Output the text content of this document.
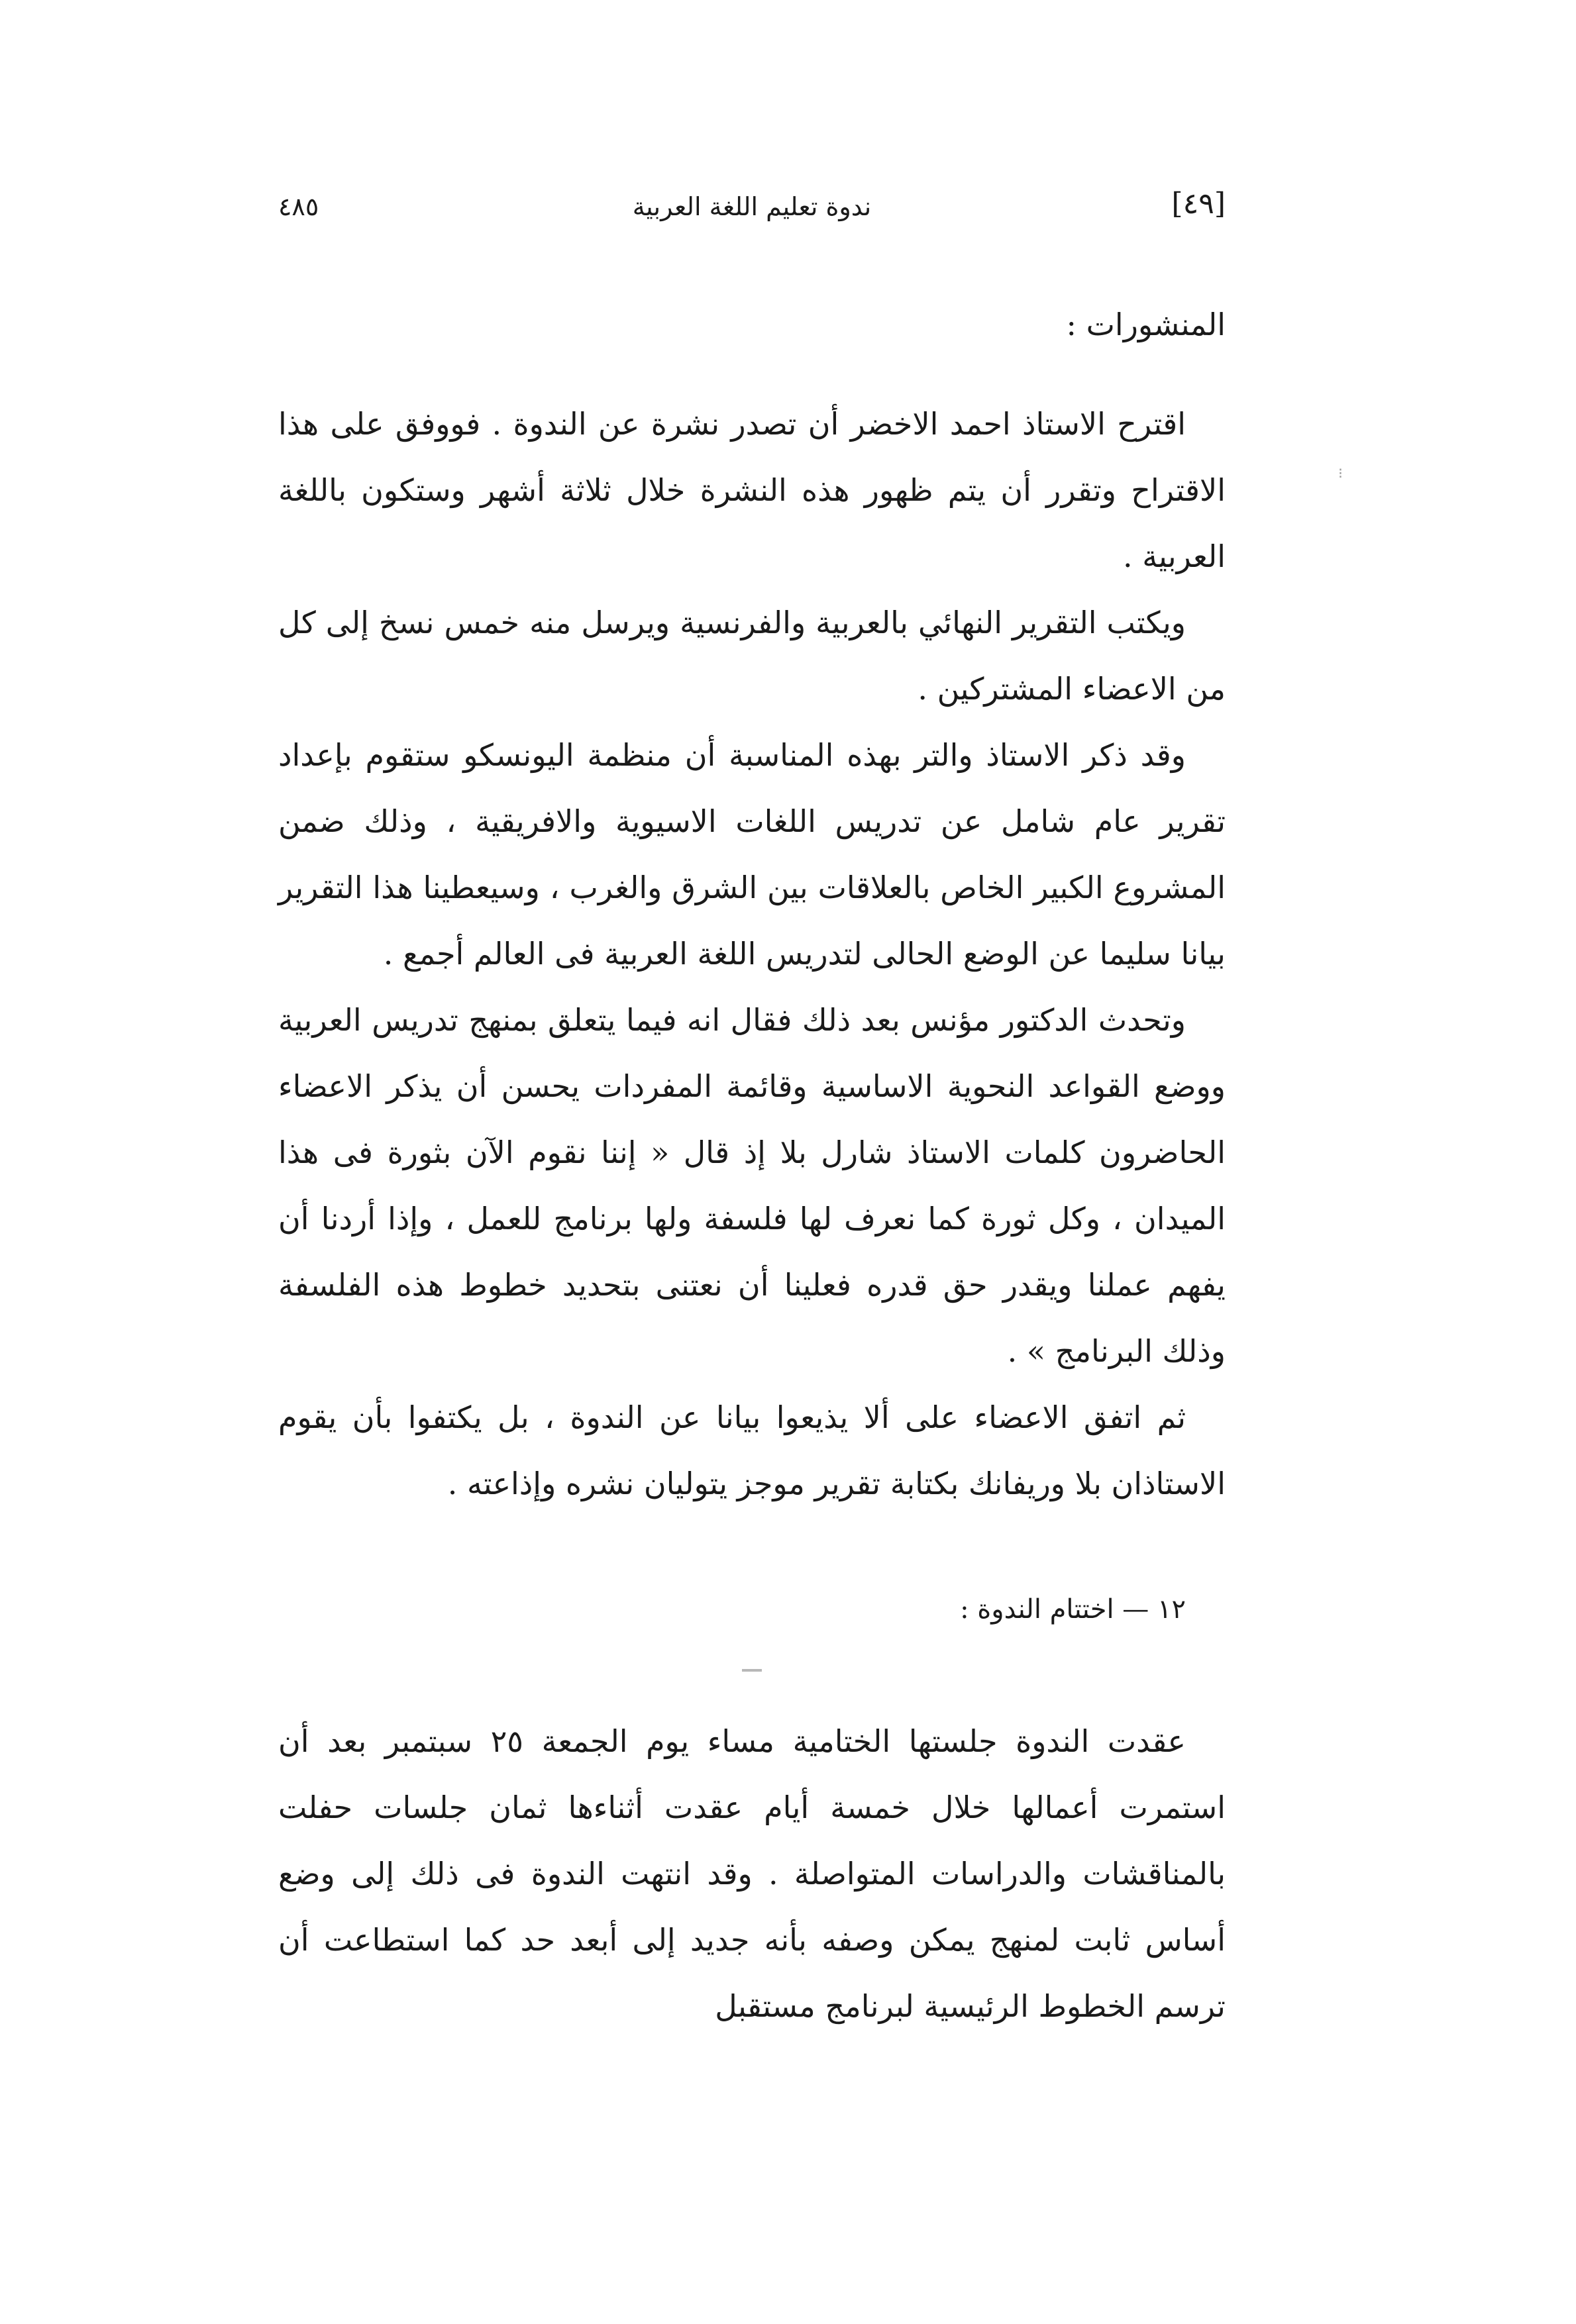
٤٨٥	ندوة تعليم اللغة العربية	[٤٩]
⁝
المنشورات :

اقترح الاستاذ احمد الاخضر أن تصدر نشرة عن الندوة . فووفق على هذا الاقتراح وتقرر أن يتم ظهور هذه النشرة خلال ثلاثة أشهر وستكون باللغة العربية .

ويكتب التقرير النهائي بالعربية والفرنسية ويرسل منه خمس نسخ إلى كل من الاعضاء المشتركين .

وقد ذكر الاستاذ والتر بهذه المناسبة أن منظمة اليونسكو ستقوم بإعداد تقرير عام شامل عن تدريس اللغات الاسيوية والافريقية ، وذلك ضمن المشروع الكبير الخاص بالعلاقات بين الشرق والغرب ، وسيعطينا هذا التقرير بيانا سليما عن الوضع الحالى لتدريس اللغة العربية فى العالم أجمع .

وتحدث الدكتور مؤنس بعد ذلك فقال انه فيما يتعلق بمنهج تدريس العربية ووضع القواعد النحوية الاساسية وقائمة المفردات يحسن أن يذكر الاعضاء الحاضرون كلمات الاستاذ شارل بلا إذ قال « إننا نقوم الآن بثورة فى هذا الميدان ، وكل ثورة كما نعرف لها فلسفة ولها برنامج للعمل ، وإذا أردنا أن يفهم عملنا ويقدر حق قدره فعلينا أن نعتنى بتحديد خطوط هذه الفلسفة وذلك البرنامج » .

ثم اتفق الاعضاء على ألا يذيعوا بيانا عن الندوة ، بل يكتفوا بأن يقوم الاستاذان بلا وريفانك بكتابة تقرير موجز يتوليان نشره وإذاعته .

١٢ — اختتام الندوة :

عقدت الندوة جلستها الختامية مساء يوم الجمعة ٢٥ سبتمبر بعد أن استمرت أعمالها خلال خمسة أيام عقدت أثناءها ثمان جلسات حفلت بالمناقشات والدراسات المتواصلة . وقد انتهت الندوة فى ذلك إلى وضع أساس ثابت لمنهج يمكن وصفه بأنه جديد إلى أبعد حد كما استطاعت أن ترسم الخطوط الرئيسية لبرنامج مستقبل
